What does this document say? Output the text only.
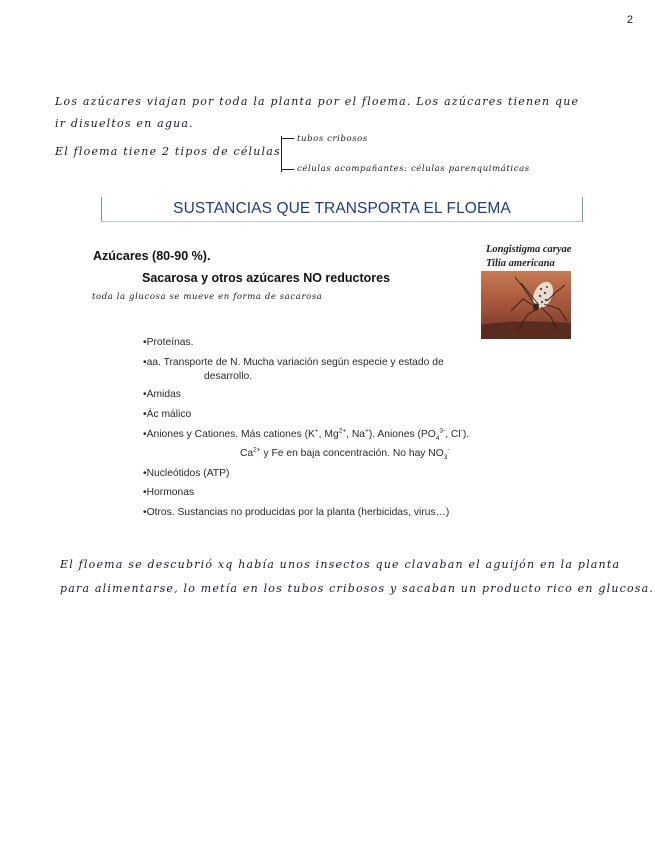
2
Los azúcares viajan por toda la planta por el floema. Los azúcares tienen que
ir disueltos en agua.
El floema tiene 2 tipos de células
tubos cribosos
células acompañantes: células parenquimáticas
SUSTANCIAS QUE TRANSPORTA EL FLOEMA
Azúcares (80-90 %).
Sacarosa y otros azúcares NO reductores
toda la glucosa se mueve en forma de sacarosa
Longistigma caryae
Tilia americana
•Proteínas.
•aa. Transporte de N. Mucha variación según especie y estado de
desarrollo.
•Amidas
•Ác málico
•Aniones y Cationes. Más cationes (K+, $Mg^{2+}$, Na+). Aniones ($PO_4^{3-}$, Cl-).
$Ca^{2+}$ y Fe en baja concentración. No hay $NO_3^-$
•Nucleótidos (ATP)
•Hormonas
•Otros. Sustancias no producidas por la planta (herbicidas, virus…)
El floema se descubrió xq había unos insectos que clavaban el aguijón en la planta
para alimentarse, lo metía en los tubos cribosos y sacaban un producto rico en glucosa.
